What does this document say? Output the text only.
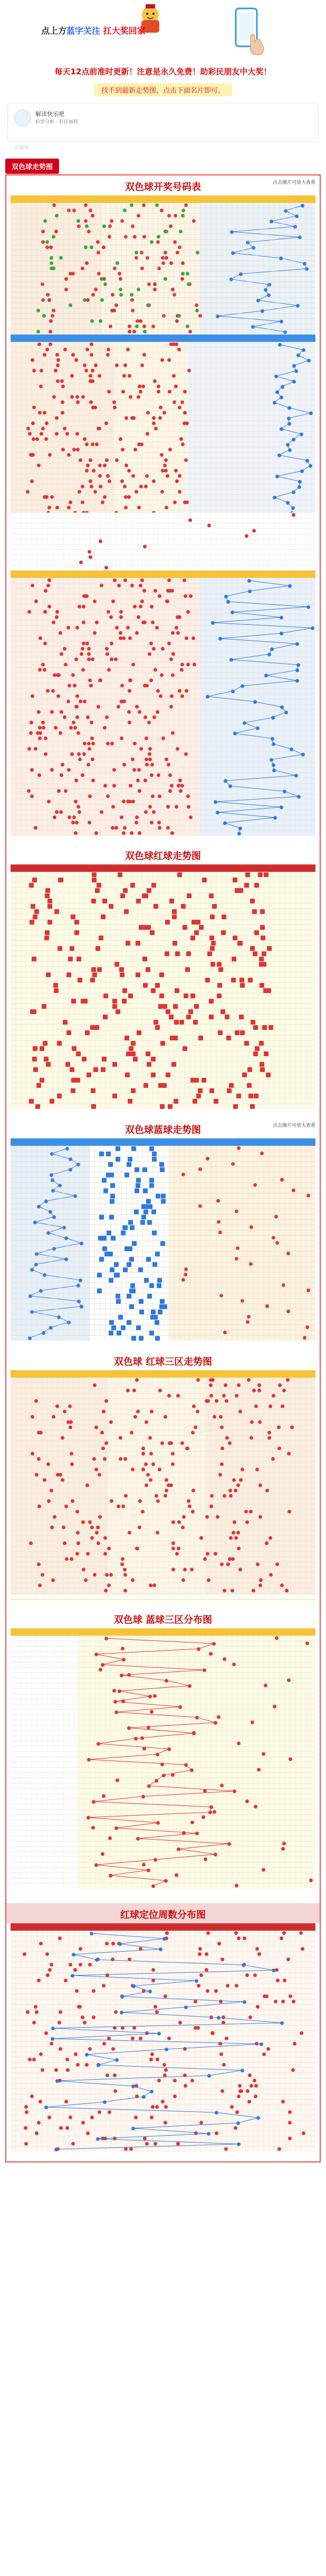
点上方蓝字关注 扛大奖回家
每天12点前准时更新！注意是永久免费！助彩民朋友中大奖！
找不到最新走势图，点击下面名片即可。
解读快乐吧
彩票分析 · 彩民福利
公众号
双色球走势图
点击图片可放大查看
双色球开奖号码表
双色球红球走势图
点击图片可放大查看
双色球蓝球走势图
双色球 红球三区走势图
双色球 蓝球三区分布图
红球定位周数分布图
